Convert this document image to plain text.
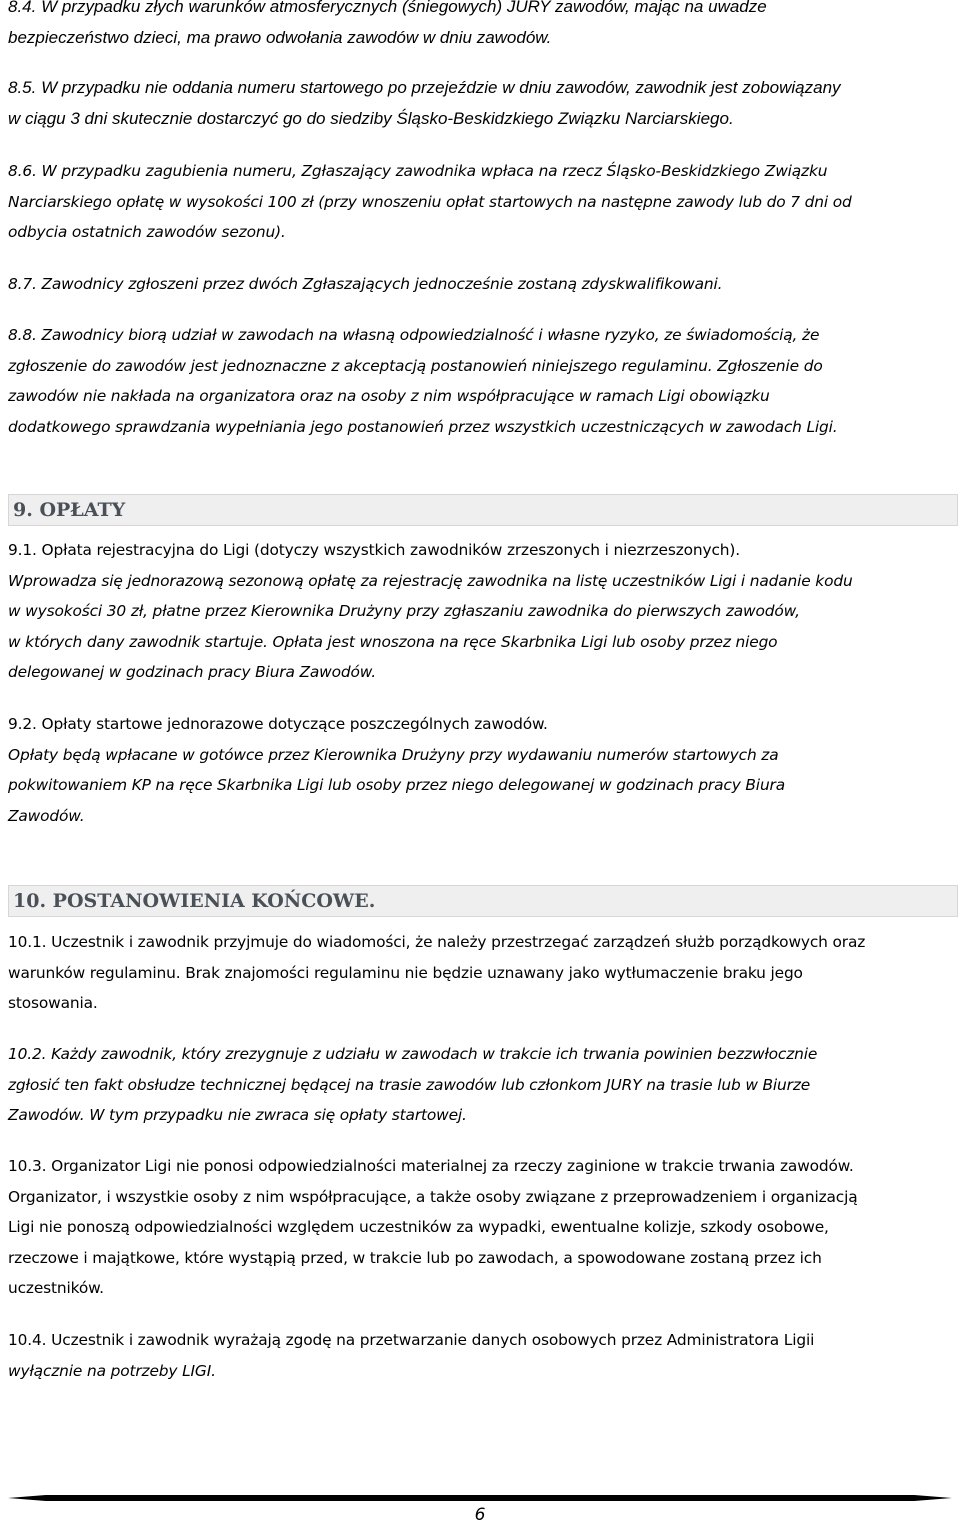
8.4. W przypadku złych warunków atmosferycznych (śniegowych) JURY zawodów, mając na uwadze
bezpieczeństwo dzieci, ma prawo odwołania zawodów w dniu zawodów.
8.5. W przypadku nie oddania numeru startowego po przejeździe w dniu zawodów, zawodnik jest zobowiązany
w ciągu 3 dni skutecznie dostarczyć go do siedziby Śląsko-Beskidzkiego Związku Narciarskiego.
8.6. W przypadku zagubienia numeru, Zgłaszający zawodnika wpłaca na rzecz Śląsko-Beskidzkiego Związku
Narciarskiego opłatę w wysokości 100 zł (przy wnoszeniu opłat startowych na następne zawody lub do 7 dni od
odbycia ostatnich zawodów sezonu).
8.7. Zawodnicy zgłoszeni przez dwóch Zgłaszających jednocześnie zostaną zdyskwalifikowani.
8.8. Zawodnicy biorą udział w zawodach na własną odpowiedzialność i własne ryzyko, ze świadomością, że
zgłoszenie do zawodów jest jednoznaczne z akceptacją postanowień niniejszego regulaminu. Zgłoszenie do
zawodów nie nakłada na organizatora oraz na osoby z nim współpracujące w ramach Ligi obowiązku
dodatkowego sprawdzania wypełniania jego postanowień przez wszystkich uczestniczących w zawodach Ligi.
9. OPŁATY
9.1. Opłata rejestracyjna do Ligi (dotyczy wszystkich zawodników zrzeszonych i niezrzeszonych).
Wprowadza się jednorazową sezonową opłatę za rejestrację zawodnika na listę uczestników Ligi i nadanie kodu
w wysokości 30 zł, płatne przez Kierownika Drużyny przy zgłaszaniu zawodnika do pierwszych zawodów,
w których dany zawodnik startuje. Opłata jest wnoszona na ręce Skarbnika Ligi lub osoby przez niego
delegowanej w godzinach pracy Biura Zawodów.
9.2. Opłaty startowe jednorazowe dotyczące poszczególnych zawodów.
Opłaty będą wpłacane w gotówce przez Kierownika Drużyny przy wydawaniu numerów startowych za
pokwitowaniem KP na ręce Skarbnika Ligi lub osoby przez niego delegowanej w godzinach pracy Biura
Zawodów.
10. POSTANOWIENIA KOŃCOWE.
10.1. Uczestnik i zawodnik przyjmuje do wiadomości, że należy przestrzegać zarządzeń służb porządkowych oraz
warunków regulaminu. Brak znajomości regulaminu nie będzie uznawany jako wytłumaczenie braku jego
stosowania.
10.2. Każdy zawodnik, który zrezygnuje z udziału w zawodach w trakcie ich trwania powinien bezzwłocznie
zgłosić ten fakt obsłudze technicznej będącej na trasie zawodów lub członkom JURY na trasie lub w Biurze
Zawodów. W tym przypadku nie zwraca się opłaty startowej.
10.3. Organizator Ligi nie ponosi odpowiedzialności materialnej za rzeczy zaginione w trakcie trwania zawodów.
Organizator, i wszystkie osoby z nim współpracujące, a także osoby związane z przeprowadzeniem i organizacją
Ligi nie ponoszą odpowiedzialności względem uczestników za wypadki, ewentualne kolizje, szkody osobowe,
rzeczowe i majątkowe, które wystąpią przed, w trakcie lub po zawodach, a spowodowane zostaną przez ich
uczestników.
10.4. Uczestnik i zawodnik wyrażają zgodę na przetwarzanie danych osobowych przez Administratora Ligii
wyłącznie na potrzeby LIGI.
6
